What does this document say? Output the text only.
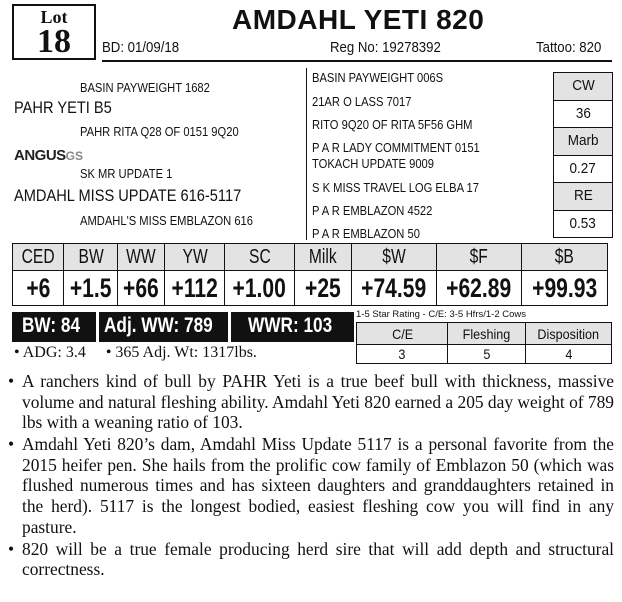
Lot
18
AMDAHL YETI 820
BD: 01/09/18	Reg No: 19278392	Tattoo: 820
BASIN PAYWEIGHT 1682
PAHR YETI B5
PAHR RITA Q28 OF 0151 9Q20
ANGUSGS
SK MR UPDATE 1
AMDAHL MISS UPDATE 616-5117
AMDAHL'S MISS EMBLAZON 616
BASIN PAYWEIGHT 006S
21AR O LASS 7017
RITO 9Q20 OF RITA 5F56 GHM
P A R LADY COMMITMENT 0151
TOKACH UPDATE 9009
S K MISS TRAVEL LOG ELBA 17
P A R EMBLAZON 4522
P A R EMBLAZON 50
CW
36
Marb
0.27
RE
0.53
CED	BW	WW	YW	SC	Milk	$W	$F	$B
+6	+1.5	+66	+112	+1.00	+25	+74.59	+62.89	+99.93
BW: 84 Adj. WW: 789 WWR: 103
• ADG: 3.4 • 365 Adj. Wt: 1317lbs.
1-5 Star Rating - C/E: 3-5 Hfrs/1-2 Cows
C/E	Fleshing	Disposition
3	5	4

• A ranchers kind of bull by PAHR Yeti is a true beef bull with thickness, massive volume and natural fleshing ability. Amdahl Yeti 820 earned a 205 day weight of 789 lbs with a weaning ratio of 103.

• Amdahl Yeti 820’s dam, Amdahl Miss Update 5117 is a personal favorite from the 2015 heifer pen. She hails from the prolific cow family of Emblazon 50 (which was flushed numerous times and has sixteen daughters and granddaughters retained in the herd). 5117 is the longest bodied, easiest fleshing cow you will find in any pasture.

• 820 will be a true female producing herd sire that will add depth and structural correctness.
